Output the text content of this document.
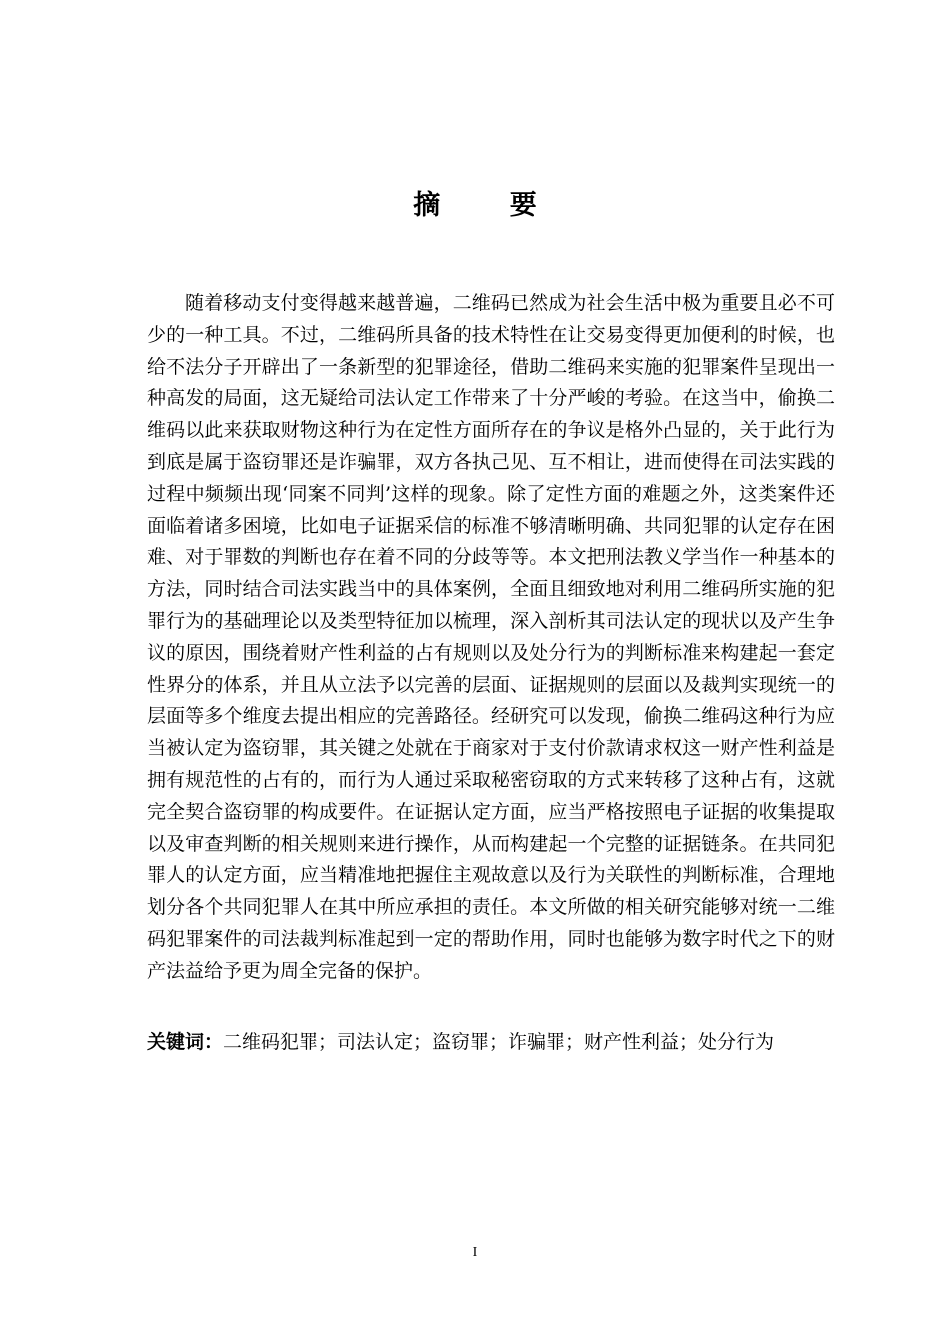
摘 要

随着移动支付变得越来越普遍，二维码已然成为社会生活中极为重要且必不可少的一种工具。不过，二维码所具备的技术特性在让交易变得更加便利的时候，也给不法分子开辟出了一条新型的犯罪途径，借助二维码来实施的犯罪案件呈现出一种高发的局面，这无疑给司法认定工作带来了十分严峻的考验。在这当中，偷换二维码以此来获取财物这种行为在定性方面所存在的争议是格外凸显的，关于此行为到底是属于盗窃罪还是诈骗罪，双方各执己见、互不相让，进而使得在司法实践的过程中频频出现‘同案不同判’这样的现象。除了定性方面的难题之外，这类案件还面临着诸多困境，比如电子证据采信的标准不够清晰明确、共同犯罪的认定存在困难、对于罪数的判断也存在着不同的分歧等等。本文把刑法教义学当作一种基本的方法，同时结合司法实践当中的具体案例，全面且细致地对利用二维码所实施的犯罪行为的基础理论以及类型特征加以梳理，深入剖析其司法认定的现状以及产生争议的原因，围绕着财产性利益的占有规则以及处分行为的判断标准来构建起一套定性界分的体系，并且从立法予以完善的层面、证据规则的层面以及裁判实现统一的层面等多个维度去提出相应的完善路径。经研究可以发现，偷换二维码这种行为应当被认定为盗窃罪，其关键之处就在于商家对于支付价款请求权这一财产性利益是拥有规范性的占有的，而行为人通过采取秘密窃取的方式来转移了这种占有，这就完全契合盗窃罪的构成要件。在证据认定方面，应当严格按照电子证据的收集提取以及审查判断的相关规则来进行操作，从而构建起一个完整的证据链条。在共同犯罪人的认定方面，应当精准地把握住主观故意以及行为关联性的判断标准，合理地划分各个共同犯罪人在其中所应承担的责任。本文所做的相关研究能够对统一二维码犯罪案件的司法裁判标准起到一定的帮助作用，同时也能够为数字时代之下的财产法益给予更为周全完备的保护。

关键词：二维码犯罪；司法认定；盗窃罪；诈骗罪；财产性利益；处分行为

I
